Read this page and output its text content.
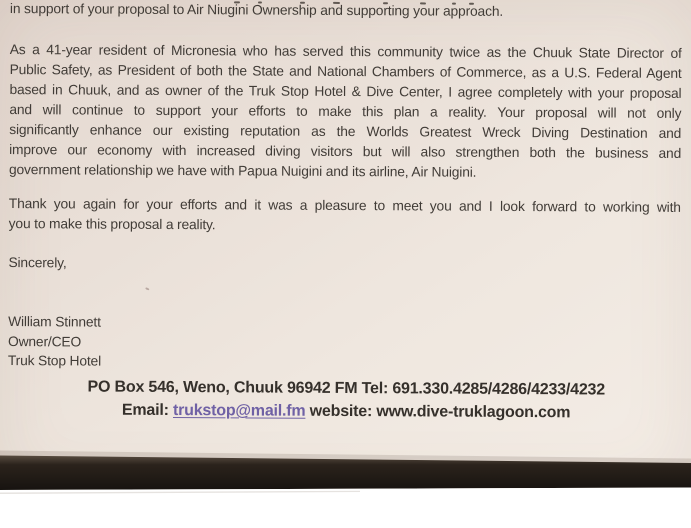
in support of your proposal to Air Niugini Ownership and supporting your approach.
As a 41-year resident of Micronesia who has served this community twice as the Chuuk State Director of
Public Safety, as President of both the State and National Chambers of Commerce, as a U.S. Federal Agent
based in Chuuk, and as owner of the Truk Stop Hotel & Dive Center, I agree completely with your proposal
and will continue to support your efforts to make this plan a reality. Your proposal will not only
significantly enhance our existing reputation as the Worlds Greatest Wreck Diving Destination and
improve our economy with increased diving visitors but will also strengthen both the business and
government relationship we have with Papua Nuigini and its airline, Air Nuigini.
Thank you again for your efforts and it was a pleasure to meet you and I look forward to working with
you to make this proposal a reality.
Sincerely,
William Stinnett
Owner/CEO
Truk Stop Hotel
PO Box 546, Weno, Chuuk 96942 FM Tel: 691.330.4285/4286/4233/4232
Email: trukstop@mail.fm website: www.dive-truklagoon.com
